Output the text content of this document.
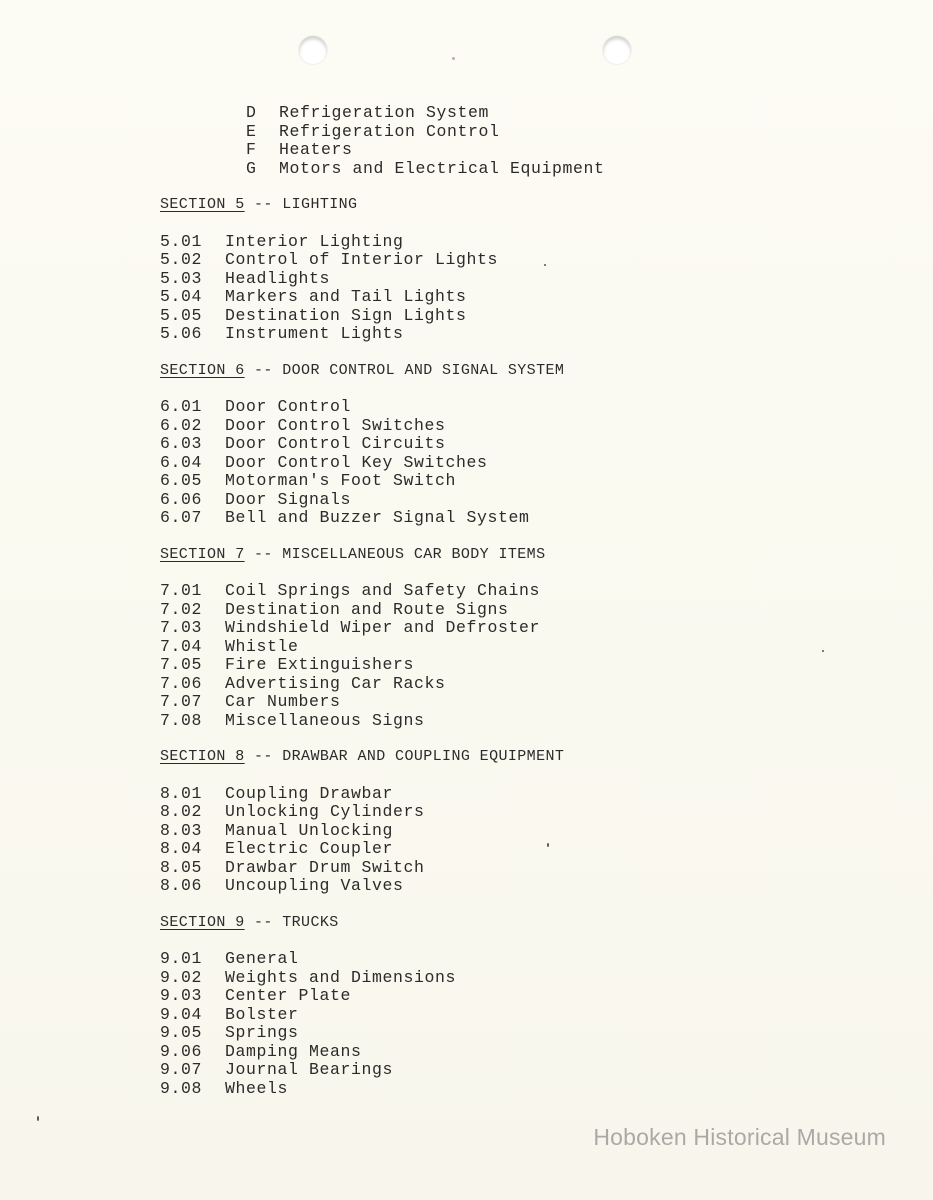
D Refrigeration System
E Refrigeration Control
F Heaters
G Motors and Electrical Equipment
SECTION 5 -- LIGHTING
5.01 Interior Lighting
5.02 Control of Interior Lights
5.03 Headlights
5.04 Markers and Tail Lights
5.05 Destination Sign Lights
5.06 Instrument Lights
SECTION 6 -- DOOR CONTROL AND SIGNAL SYSTEM
6.01 Door Control
6.02 Door Control Switches
6.03 Door Control Circuits
6.04 Door Control Key Switches
6.05 Motorman's Foot Switch
6.06 Door Signals
6.07 Bell and Buzzer Signal System
SECTION 7 -- MISCELLANEOUS CAR BODY ITEMS
7.01 Coil Springs and Safety Chains
7.02 Destination and Route Signs
7.03 Windshield Wiper and Defroster
7.04 Whistle
7.05 Fire Extinguishers
7.06 Advertising Car Racks
7.07 Car Numbers
7.08 Miscellaneous Signs
SECTION 8 -- DRAWBAR AND COUPLING EQUIPMENT
8.01 Coupling Drawbar
8.02 Unlocking Cylinders
8.03 Manual Unlocking
8.04 Electric Coupler
8.05 Drawbar Drum Switch
8.06 Uncoupling Valves
SECTION 9 -- TRUCKS
9.01 General
9.02 Weights and Dimensions
9.03 Center Plate
9.04 Bolster
9.05 Springs
9.06 Damping Means
9.07 Journal Bearings
9.08 Wheels
Hoboken Historical Museum
